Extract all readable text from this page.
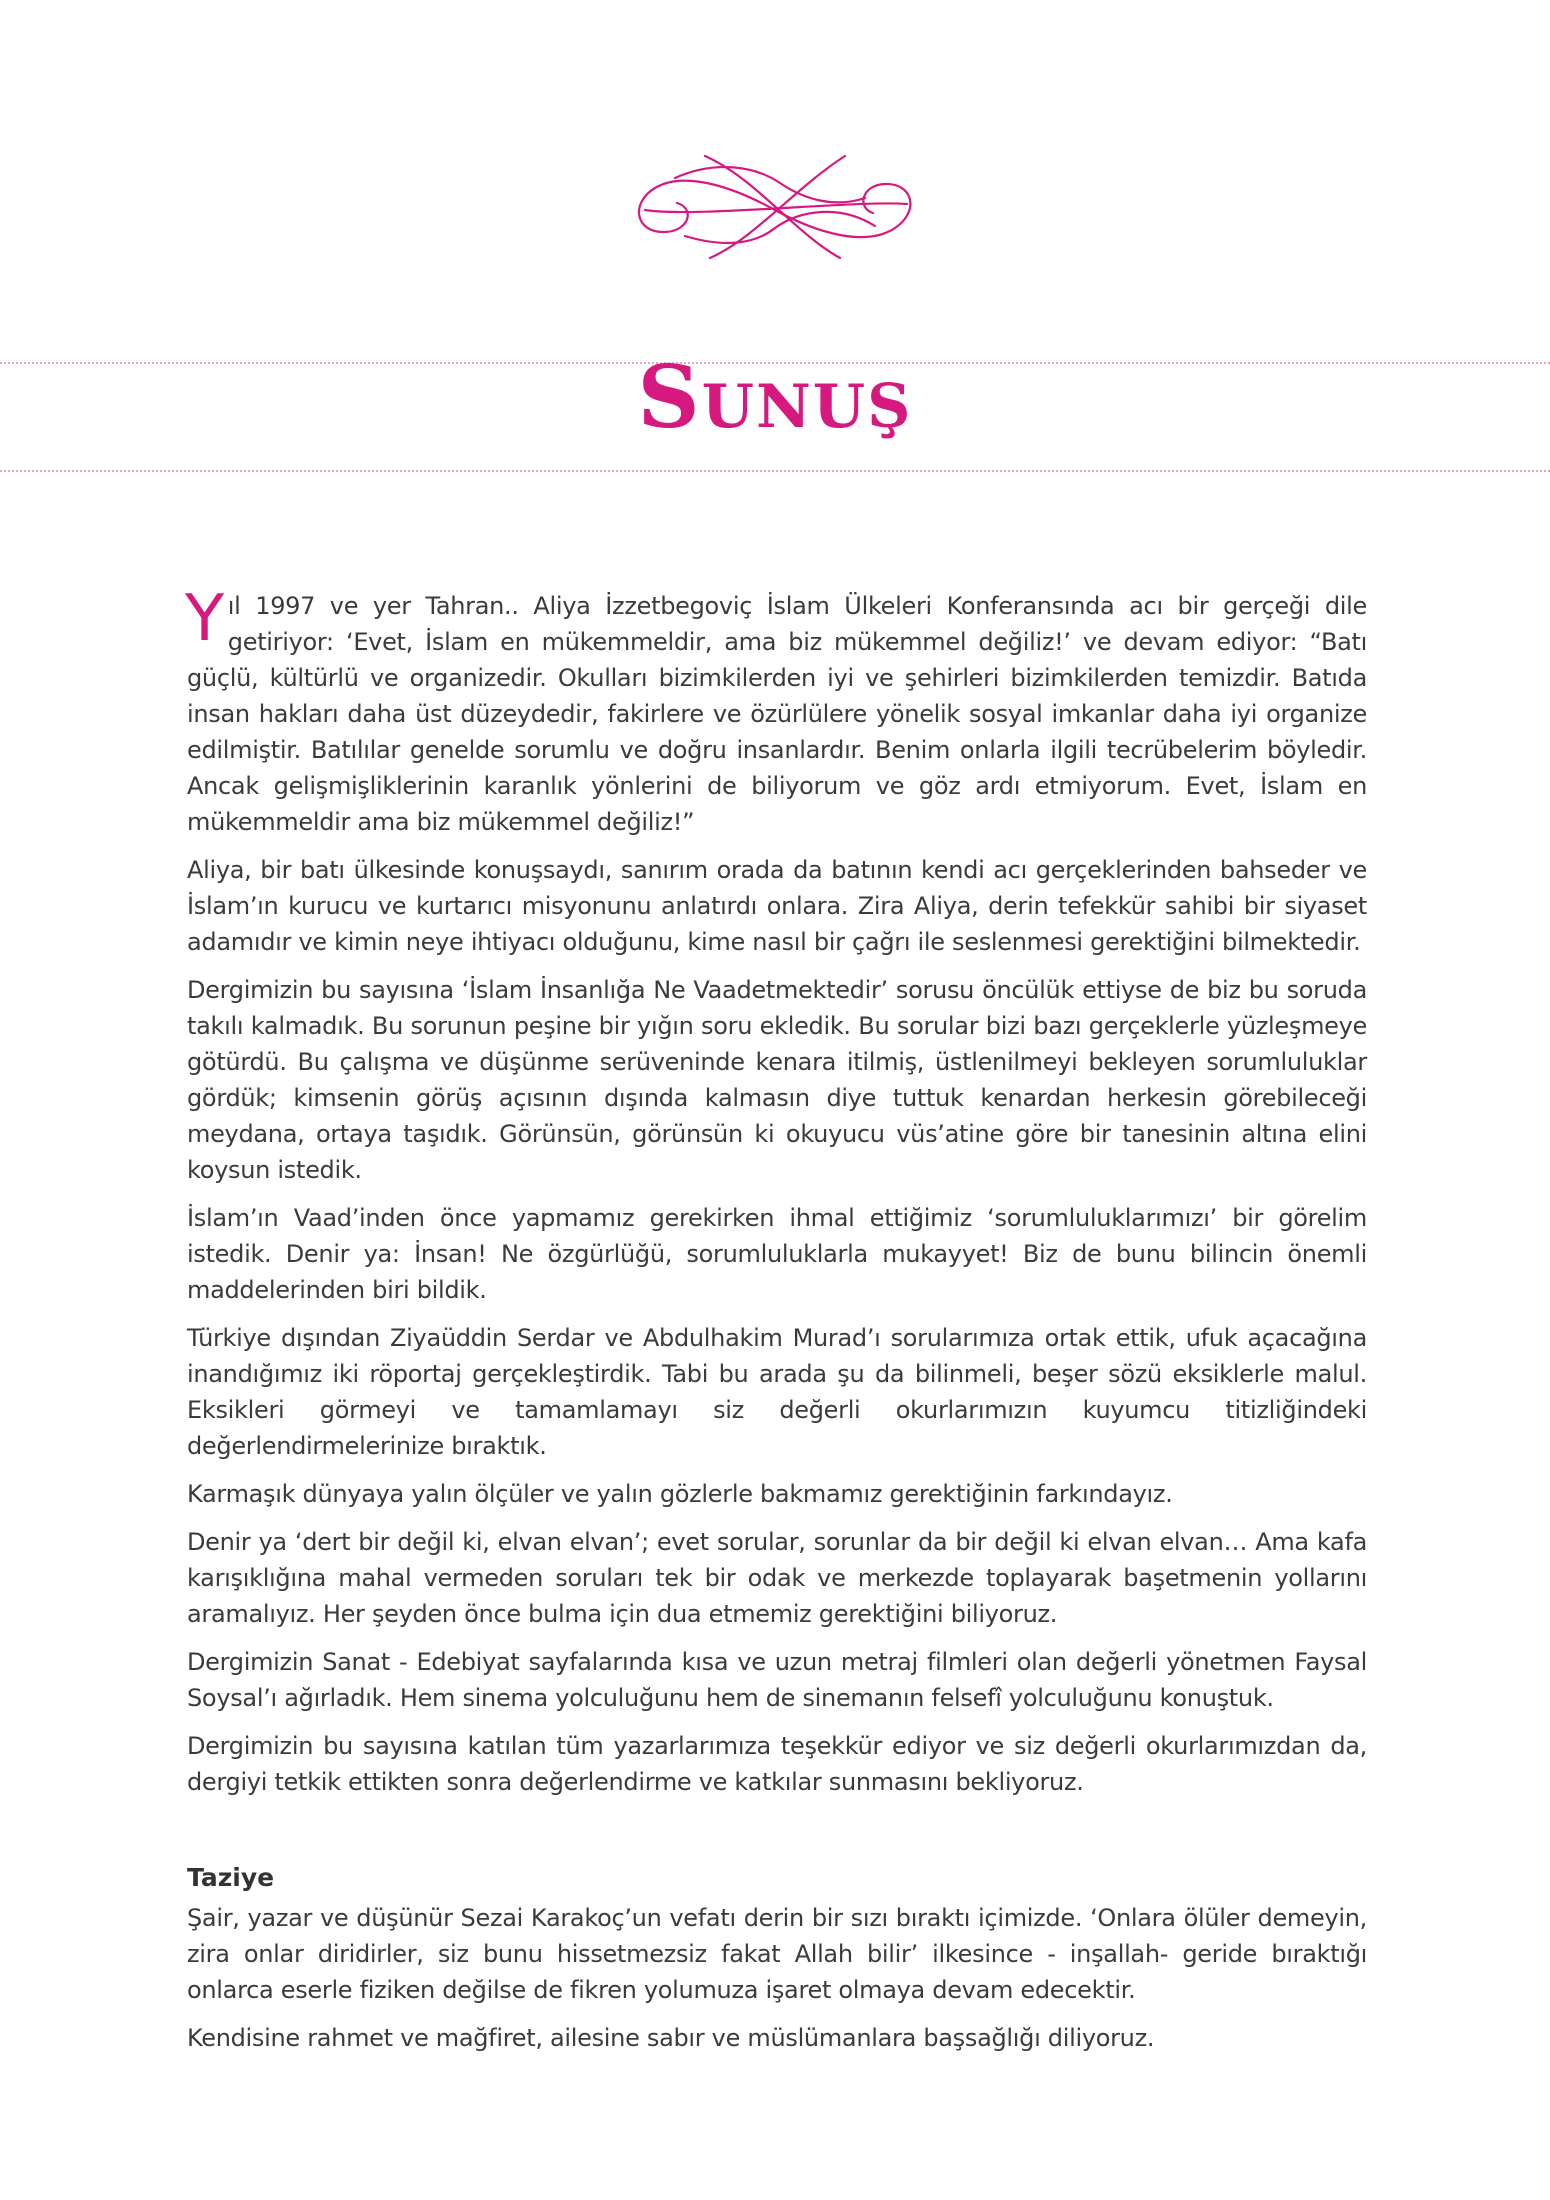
Sunuş

Yıl 1997 ve yer Tahran.. Aliya İzzetbegoviç İslam Ülkeleri Konferansında acı bir gerçeği dile getiriyor: ‘Evet, İslam en mükemmeldir, ama biz mükemmel değiliz!’ ve devam ediyor: “Batı güçlü, kültürlü ve organizedir. Okulları bizimkilerden iyi ve şehirleri bizimkilerden temizdir. Batıda insan hakları daha üst düzeydedir, fakirlere ve özürlülere yönelik sosyal imkanlar daha iyi organize edilmiştir. Batılılar genelde sorumlu ve doğru insanlardır. Benim onlarla ilgili tecrübelerim böyledir. Ancak gelişmişliklerinin karanlık yönlerini de biliyorum ve göz ardı etmiyorum. Evet, İslam en mükemmeldir ama biz mükemmel değiliz!”

Aliya, bir batı ülkesinde konuşsaydı, sanırım orada da batının kendi acı gerçeklerinden bahseder ve İslam’ın kurucu ve kurtarıcı misyonunu anlatırdı onlara. Zira Aliya, derin tefekkür sahibi bir siyaset adamıdır ve kimin neye ihtiyacı olduğunu, kime nasıl bir çağrı ile seslenmesi gerektiğini bilmektedir.

Dergimizin bu sayısına ‘İslam İnsanlığa Ne Vaadetmektedir’ sorusu öncülük ettiyse de biz bu soruda takılı kalmadık. Bu sorunun peşine bir yığın soru ekledik. Bu sorular bizi bazı gerçeklerle yüzleşmeye götürdü. Bu çalışma ve düşünme serüveninde kenara itilmiş, üstlenilmeyi bekleyen sorumluluklar gördük; kimsenin görüş açısının dışında kalmasın diye tuttuk kenardan herkesin görebileceği meydana, ortaya taşıdık. Görünsün, görünsün ki okuyucu vüs’atine göre bir tanesinin altına elini koysun istedik.

İslam’ın Vaad’inden önce yapmamız gerekirken ihmal ettiğimiz ‘sorumluluklarımızı’ bir görelim istedik. Denir ya: İnsan! Ne özgürlüğü, sorumluluklarla mukayyet! Biz de bunu bilincin önemli maddelerinden biri bildik.

Türkiye dışından Ziyaüddin Serdar ve Abdulhakim Murad’ı sorularımıza ortak ettik, ufuk açacağına inandığımız iki röportaj gerçekleştirdik. Tabi bu arada şu da bilinmeli, beşer sözü eksiklerle malul. Eksikleri görmeyi ve tamamlamayı siz değerli okurlarımızın kuyumcu titizliğindeki değerlendirmelerinize bıraktık.

Karmaşık dünyaya yalın ölçüler ve yalın gözlerle bakmamız gerektiğinin farkındayız.

Denir ya ‘dert bir değil ki, elvan elvan’; evet sorular, sorunlar da bir değil ki elvan elvan… Ama kafa karışıklığına mahal vermeden soruları tek bir odak ve merkezde toplayarak başetmenin yollarını aramalıyız. Her şeyden önce bulma için dua etmemiz gerektiğini biliyoruz.

Dergimizin Sanat - Edebiyat sayfalarında kısa ve uzun metraj filmleri olan değerli yönetmen Faysal Soysal’ı ağırladık. Hem sinema yolculuğunu hem de sinemanın felsefî yolculuğunu konuştuk.

Dergimizin bu sayısına katılan tüm yazarlarımıza teşekkür ediyor ve siz değerli okurlarımızdan da, dergiyi tetkik ettikten sonra değerlendirme ve katkılar sunmasını bekliyoruz.

Taziye

Şair, yazar ve düşünür Sezai Karakoç’un vefatı derin bir sızı bıraktı içimizde. ‘Onlara ölüler demeyin, zira onlar diridirler, siz bunu hissetmezsiz fakat Allah bilir’ ilkesince - inşallah- geride bıraktığı onlarca eserle fiziken değilse de fikren yolumuza işaret olmaya devam edecektir.

Kendisine rahmet ve mağfiret, ailesine sabır ve müslümanlara başsağlığı diliyoruz.
